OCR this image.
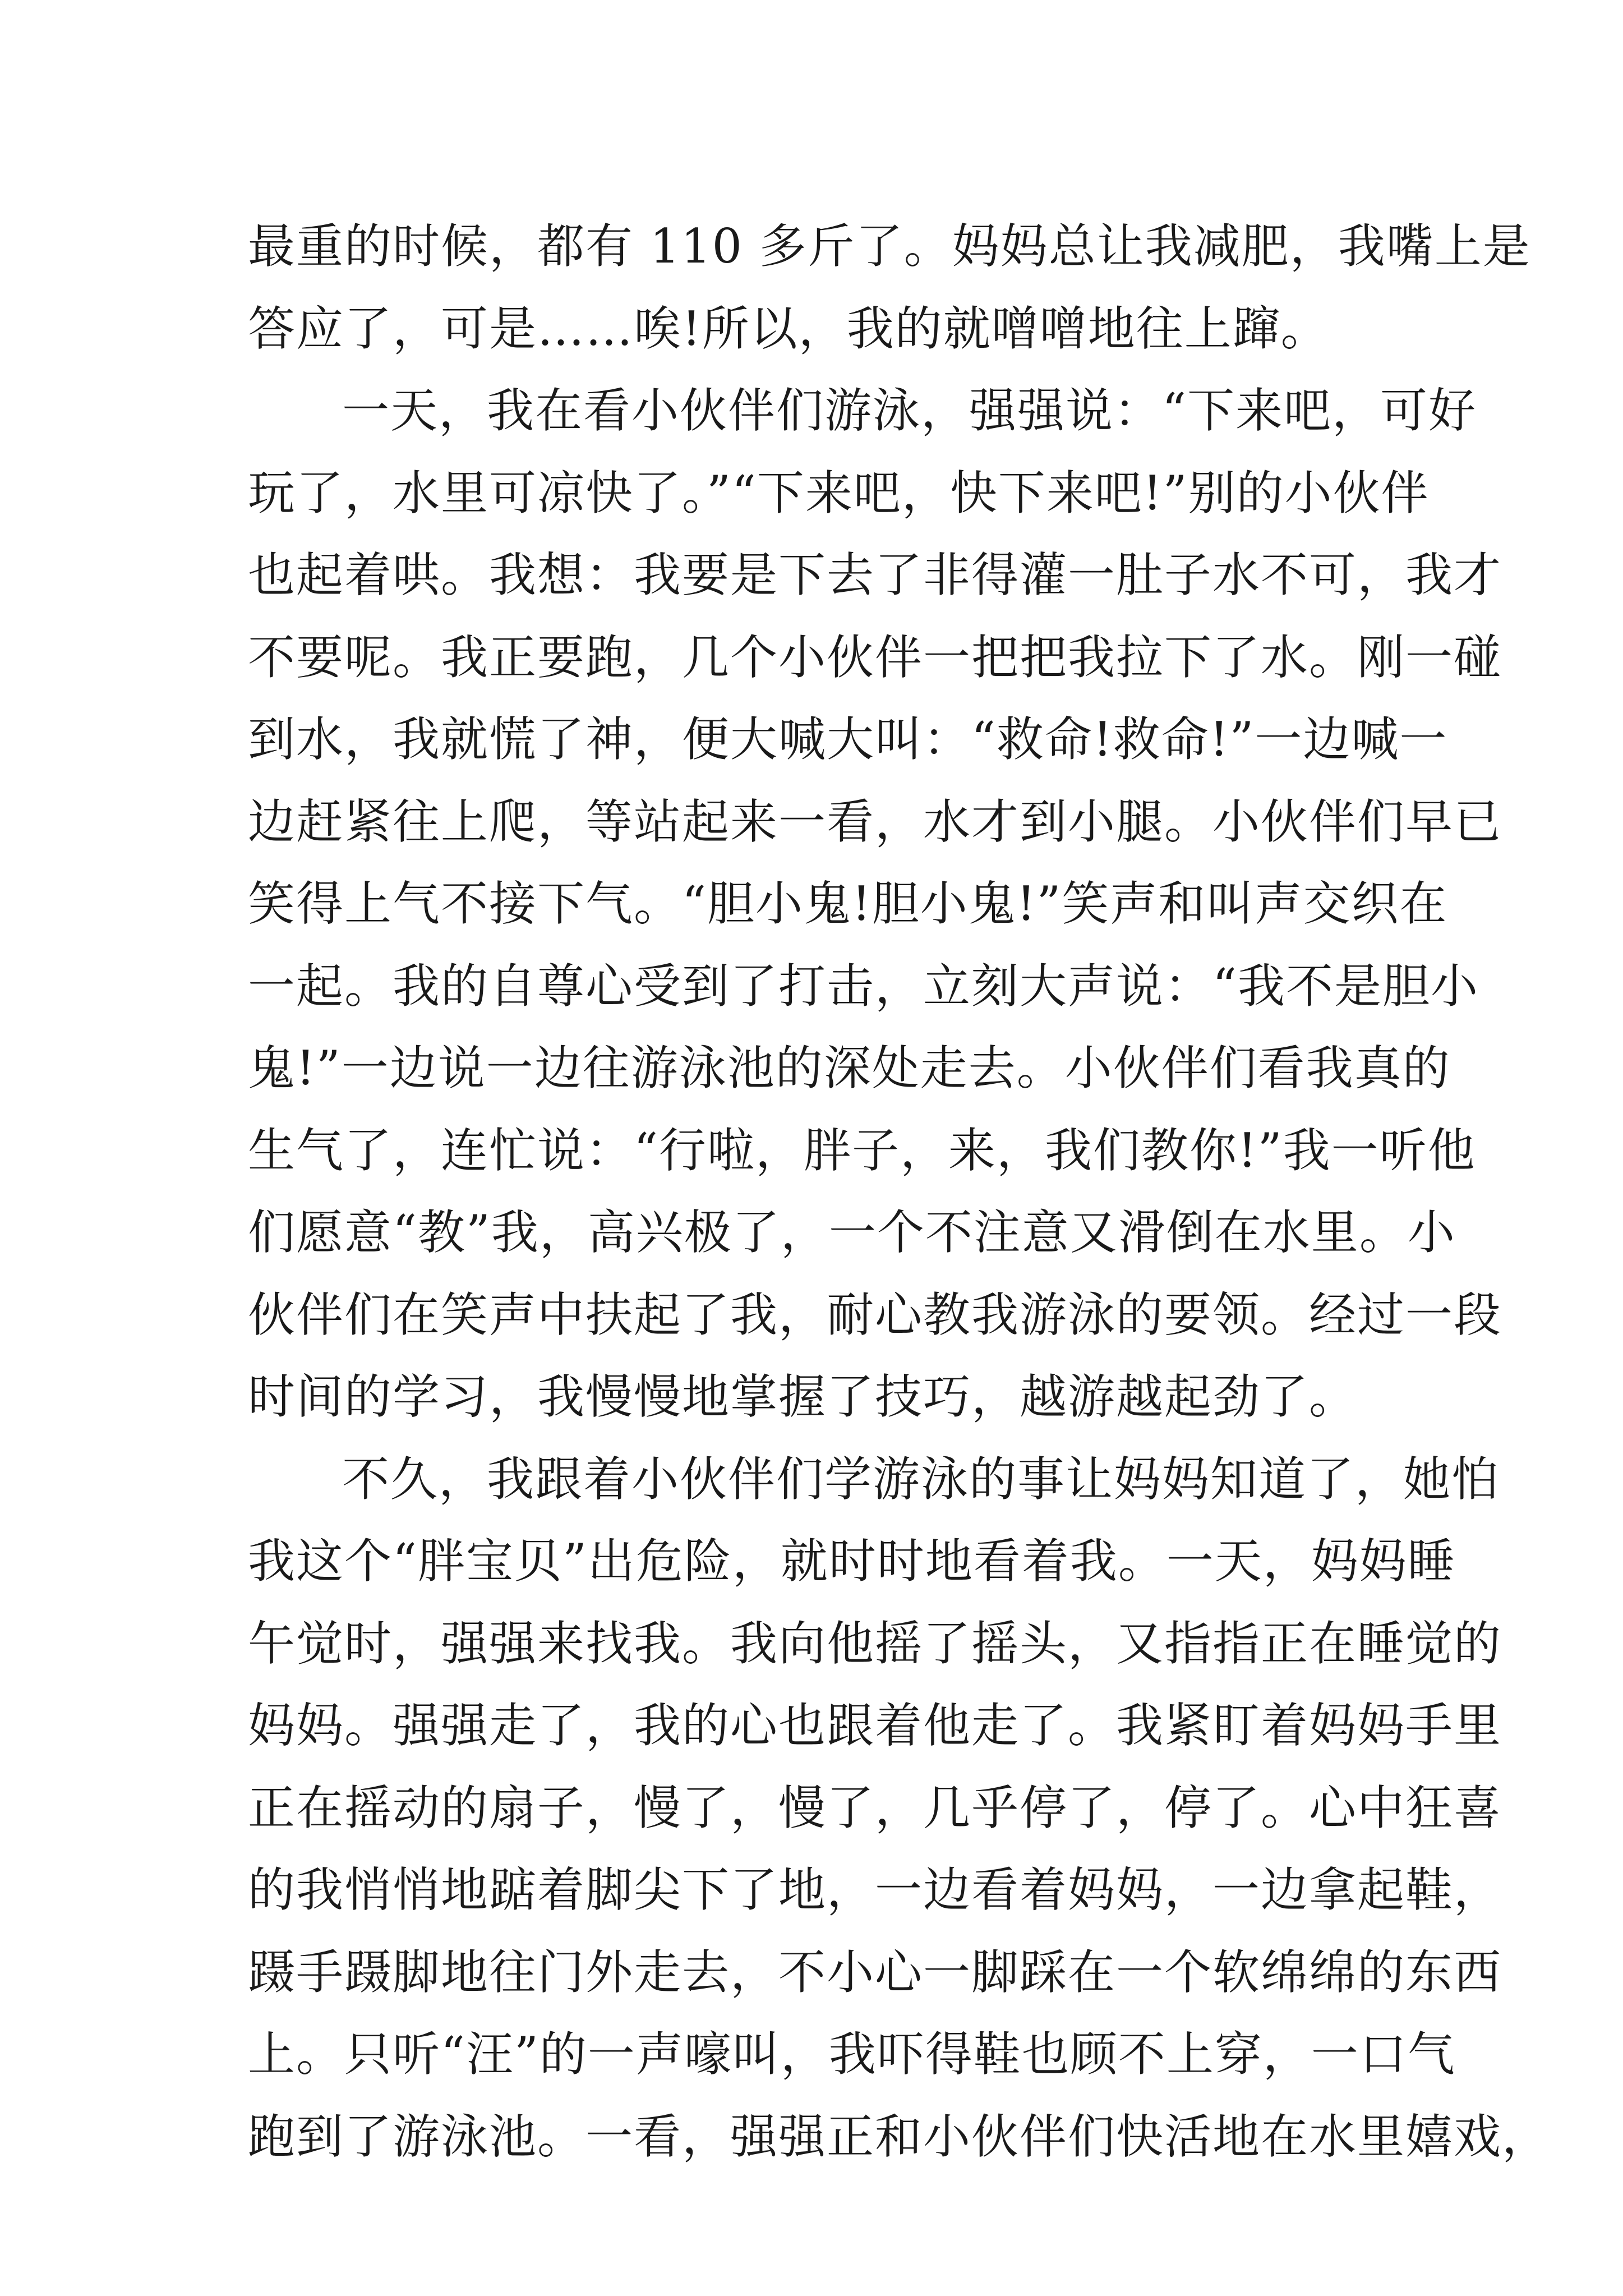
最重的时候，都有 110 多斤了。妈妈总让我减肥，我嘴上是
答应了，可是……唉!所以，我的就噌噌地往上蹿。
一天，我在看小伙伴们游泳，强强说：“下来吧，可好
玩了，水里可凉快了。”“下来吧，快下来吧!”别的小伙伴
也起着哄。我想：我要是下去了非得灌一肚子水不可，我才
不要呢。我正要跑，几个小伙伴一把把我拉下了水。刚一碰
到水，我就慌了神，便大喊大叫：“救命!救命!”一边喊一
边赶紧往上爬，等站起来一看，水才到小腿。小伙伴们早已
笑得上气不接下气。“胆小鬼!胆小鬼!”笑声和叫声交织在
一起。我的自尊心受到了打击，立刻大声说：“我不是胆小
鬼!”一边说一边往游泳池的深处走去。小伙伴们看我真的
生气了，连忙说：“行啦，胖子，来，我们教你!”我一听他
们愿意“教”我，高兴极了，一个不注意又滑倒在水里。小
伙伴们在笑声中扶起了我，耐心教我游泳的要领。经过一段
时间的学习，我慢慢地掌握了技巧，越游越起劲了。
不久，我跟着小伙伴们学游泳的事让妈妈知道了，她怕
我这个“胖宝贝”出危险，就时时地看着我。一天，妈妈睡
午觉时，强强来找我。我向他摇了摇头，又指指正在睡觉的
妈妈。强强走了，我的心也跟着他走了。我紧盯着妈妈手里
正在摇动的扇子，慢了，慢了，几乎停了，停了。心中狂喜
的我悄悄地踮着脚尖下了地，一边看着妈妈，一边拿起鞋，
蹑手蹑脚地往门外走去，不小心一脚踩在一个软绵绵的东西
上。只听“汪”的一声嚎叫，我吓得鞋也顾不上穿，一口气
跑到了游泳池。一看，强强正和小伙伴们快活地在水里嬉戏，
